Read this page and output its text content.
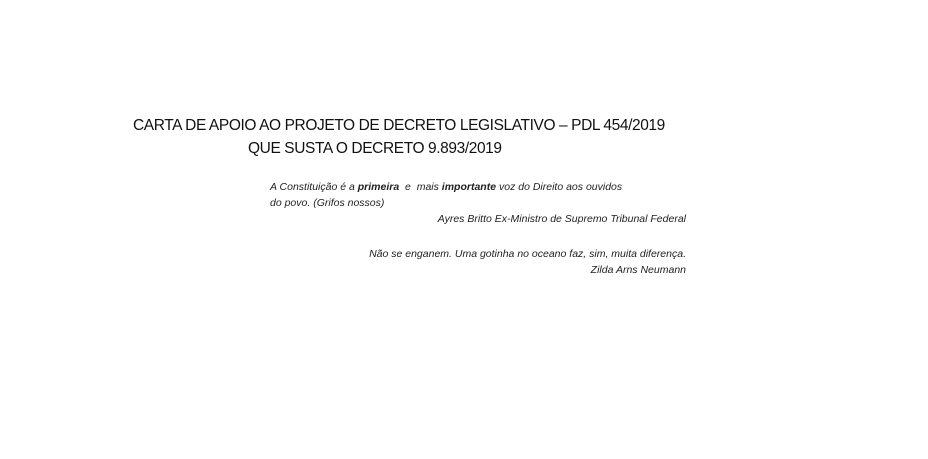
CARTA DE APOIO AO PROJETO DE DECRETO LEGISLATIVO – PDL 454/2019
QUE SUSTA O DECRETO 9.893/2019
A Constituição é a primeira  e  mais importante voz do Direito aos ouvidos
do povo. (Grifos nossos)
Ayres Britto Ex-Ministro de Supremo Tribunal Federal
Não se enganem. Uma gotinha no oceano faz, sim, muita diferença.
Zilda Arns Neumann
